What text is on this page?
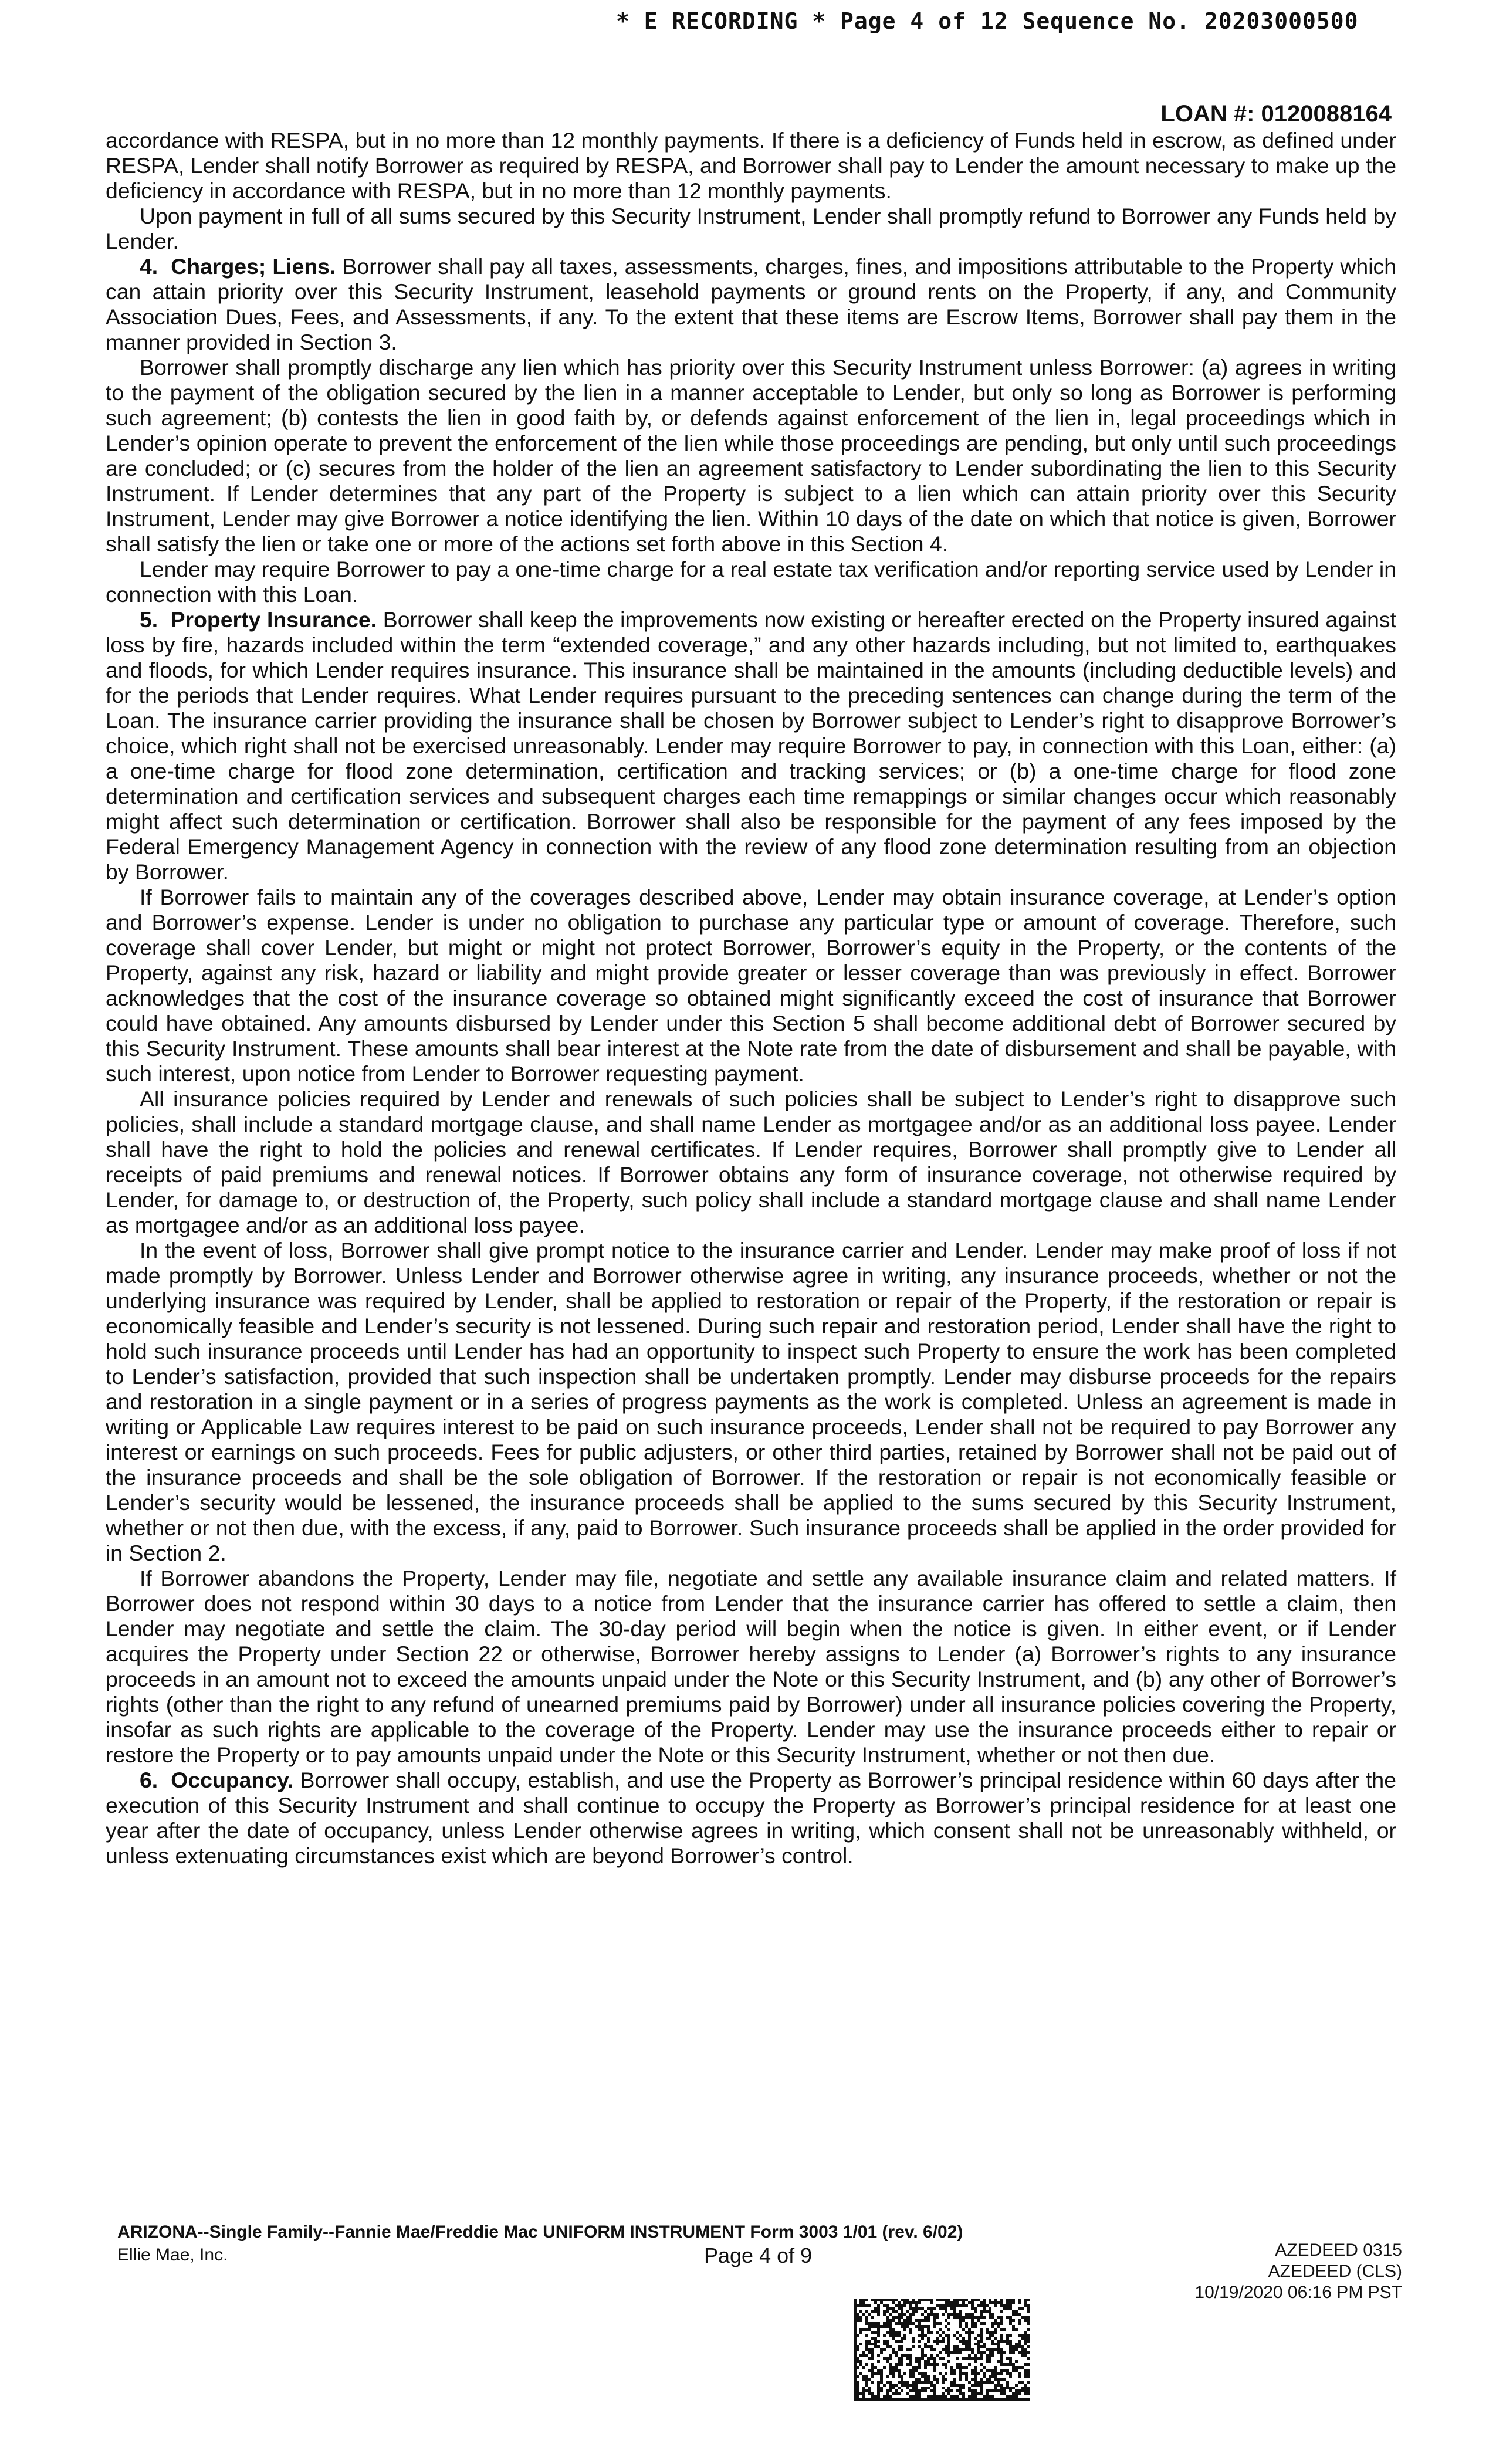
* E RECORDING * Page 4 of 12 Sequence No. 20203000500
LOAN #: 0120088164

accordance with RESPA, but in no more than 12 monthly payments. If there is a deficiency of Funds held in escrow, as defined under RESPA, Lender shall notify Borrower as required by RESPA, and Borrower shall pay to Lender the amount necessary to make up the deficiency in accordance with RESPA, but in no more than 12 monthly payments.

Upon payment in full of all sums secured by this Security Instrument, Lender shall promptly refund to Borrower any Funds held by Lender.

4. Charges; Liens. Borrower shall pay all taxes, assessments, charges, fines, and impositions attributable to the Property which can attain priority over this Security Instrument, leasehold payments or ground rents on the Property, if any, and Community Association Dues, Fees, and Assessments, if any. To the extent that these items are Escrow Items, Borrower shall pay them in the manner provided in Section 3.

Borrower shall promptly discharge any lien which has priority over this Security Instrument unless Borrower: (a) agrees in writing to the payment of the obligation secured by the lien in a manner acceptable to Lender, but only so long as Borrower is performing such agreement; (b) contests the lien in good faith by, or defends against enforcement of the lien in, legal proceedings which in Lender’s opinion operate to prevent the enforcement of the lien while those proceedings are pending, but only until such proceedings are concluded; or (c) secures from the holder of the lien an agreement satisfactory to Lender subordinating the lien to this Security Instrument. If Lender determines that any part of the Property is subject to a lien which can attain priority over this Security Instrument, Lender may give Borrower a notice identifying the lien. Within 10 days of the date on which that notice is given, Borrower shall satisfy the lien or take one or more of the actions set forth above in this Section 4.

Lender may require Borrower to pay a one-time charge for a real estate tax verification and/or reporting service used by Lender in connection with this Loan.

5. Property Insurance. Borrower shall keep the improvements now existing or hereafter erected on the Property insured against loss by fire, hazards included within the term “extended coverage,” and any other hazards including, but not limited to, earthquakes and floods, for which Lender requires insurance. This insurance shall be maintained in the amounts (including deductible levels) and for the periods that Lender requires. What Lender requires pursuant to the preceding sentences can change during the term of the Loan. The insurance carrier providing the insurance shall be chosen by Borrower subject to Lender’s right to disapprove Borrower’s choice, which right shall not be exercised unreasonably. Lender may require Borrower to pay, in connection with this Loan, either: (a) a one-time charge for flood zone determination, certification and tracking services; or (b) a one-time charge for flood zone determination and certification services and subsequent charges each time remappings or similar changes occur which reasonably might affect such determination or certification. Borrower shall also be responsible for the payment of any fees imposed by the Federal Emergency Management Agency in connection with the review of any flood zone determination resulting from an objection by Borrower.

If Borrower fails to maintain any of the coverages described above, Lender may obtain insurance coverage, at Lender’s option and Borrower’s expense. Lender is under no obligation to purchase any particular type or amount of coverage. Therefore, such coverage shall cover Lender, but might or might not protect Borrower, Borrower’s equity in the Property, or the contents of the Property, against any risk, hazard or liability and might provide greater or lesser coverage than was previously in effect. Borrower acknowledges that the cost of the insurance coverage so obtained might significantly exceed the cost of insurance that Borrower could have obtained. Any amounts disbursed by Lender under this Section 5 shall become additional debt of Borrower secured by this Security Instrument. These amounts shall bear interest at the Note rate from the date of disbursement and shall be payable, with such interest, upon notice from Lender to Borrower requesting payment.

All insurance policies required by Lender and renewals of such policies shall be subject to Lender’s right to disapprove such policies, shall include a standard mortgage clause, and shall name Lender as mortgagee and/or as an additional loss payee. Lender shall have the right to hold the policies and renewal certificates. If Lender requires, Borrower shall promptly give to Lender all receipts of paid premiums and renewal notices. If Borrower obtains any form of insurance coverage, not otherwise required by Lender, for damage to, or destruction of, the Property, such policy shall include a standard mortgage clause and shall name Lender as mortgagee and/or as an additional loss payee.

In the event of loss, Borrower shall give prompt notice to the insurance carrier and Lender. Lender may make proof of loss if not made promptly by Borrower. Unless Lender and Borrower otherwise agree in writing, any insurance proceeds, whether or not the underlying insurance was required by Lender, shall be applied to restoration or repair of the Property, if the restoration or repair is economically feasible and Lender’s security is not lessened. During such repair and restoration period, Lender shall have the right to hold such insurance proceeds until Lender has had an opportunity to inspect such Property to ensure the work has been completed to Lender’s satisfaction, provided that such inspection shall be undertaken promptly. Lender may disburse proceeds for the repairs and restoration in a single payment or in a series of progress payments as the work is completed. Unless an agreement is made in writing or Applicable Law requires interest to be paid on such insurance proceeds, Lender shall not be required to pay Borrower any interest or earnings on such proceeds. Fees for public adjusters, or other third parties, retained by Borrower shall not be paid out of the insurance proceeds and shall be the sole obligation of Borrower. If the restoration or repair is not economically feasible or Lender’s security would be lessened, the insurance proceeds shall be applied to the sums secured by this Security Instrument, whether or not then due, with the excess, if any, paid to Borrower. Such insurance proceeds shall be applied in the order provided for in Section 2.

If Borrower abandons the Property, Lender may file, negotiate and settle any available insurance claim and related matters. If Borrower does not respond within 30 days to a notice from Lender that the insurance carrier has offered to settle a claim, then Lender may negotiate and settle the claim. The 30-day period will begin when the notice is given. In either event, or if Lender acquires the Property under Section 22 or otherwise, Borrower hereby assigns to Lender (a) Borrower’s rights to any insurance proceeds in an amount not to exceed the amounts unpaid under the Note or this Security Instrument, and (b) any other of Borrower’s rights (other than the right to any refund of unearned premiums paid by Borrower) under all insurance policies covering the Property, insofar as such rights are applicable to the coverage of the Property. Lender may use the insurance proceeds either to repair or restore the Property or to pay amounts unpaid under the Note or this Security Instrument, whether or not then due.

6. Occupancy. Borrower shall occupy, establish, and use the Property as Borrower’s principal residence within 60 days after the execution of this Security Instrument and shall continue to occupy the Property as Borrower’s principal residence for at least one year after the date of occupancy, unless Lender otherwise agrees in writing, which consent shall not be unreasonably withheld, or unless extenuating circumstances exist which are beyond Borrower’s control.

ARIZONA--Single Family--Fannie Mae/Freddie Mac UNIFORM INSTRUMENT Form 3003 1/01 (rev. 6/02)
Ellie Mae, Inc.	Page 4 of 9	AZEDEED 0315
AZEDEED (CLS)
10/19/2020 06:16 PM PST
